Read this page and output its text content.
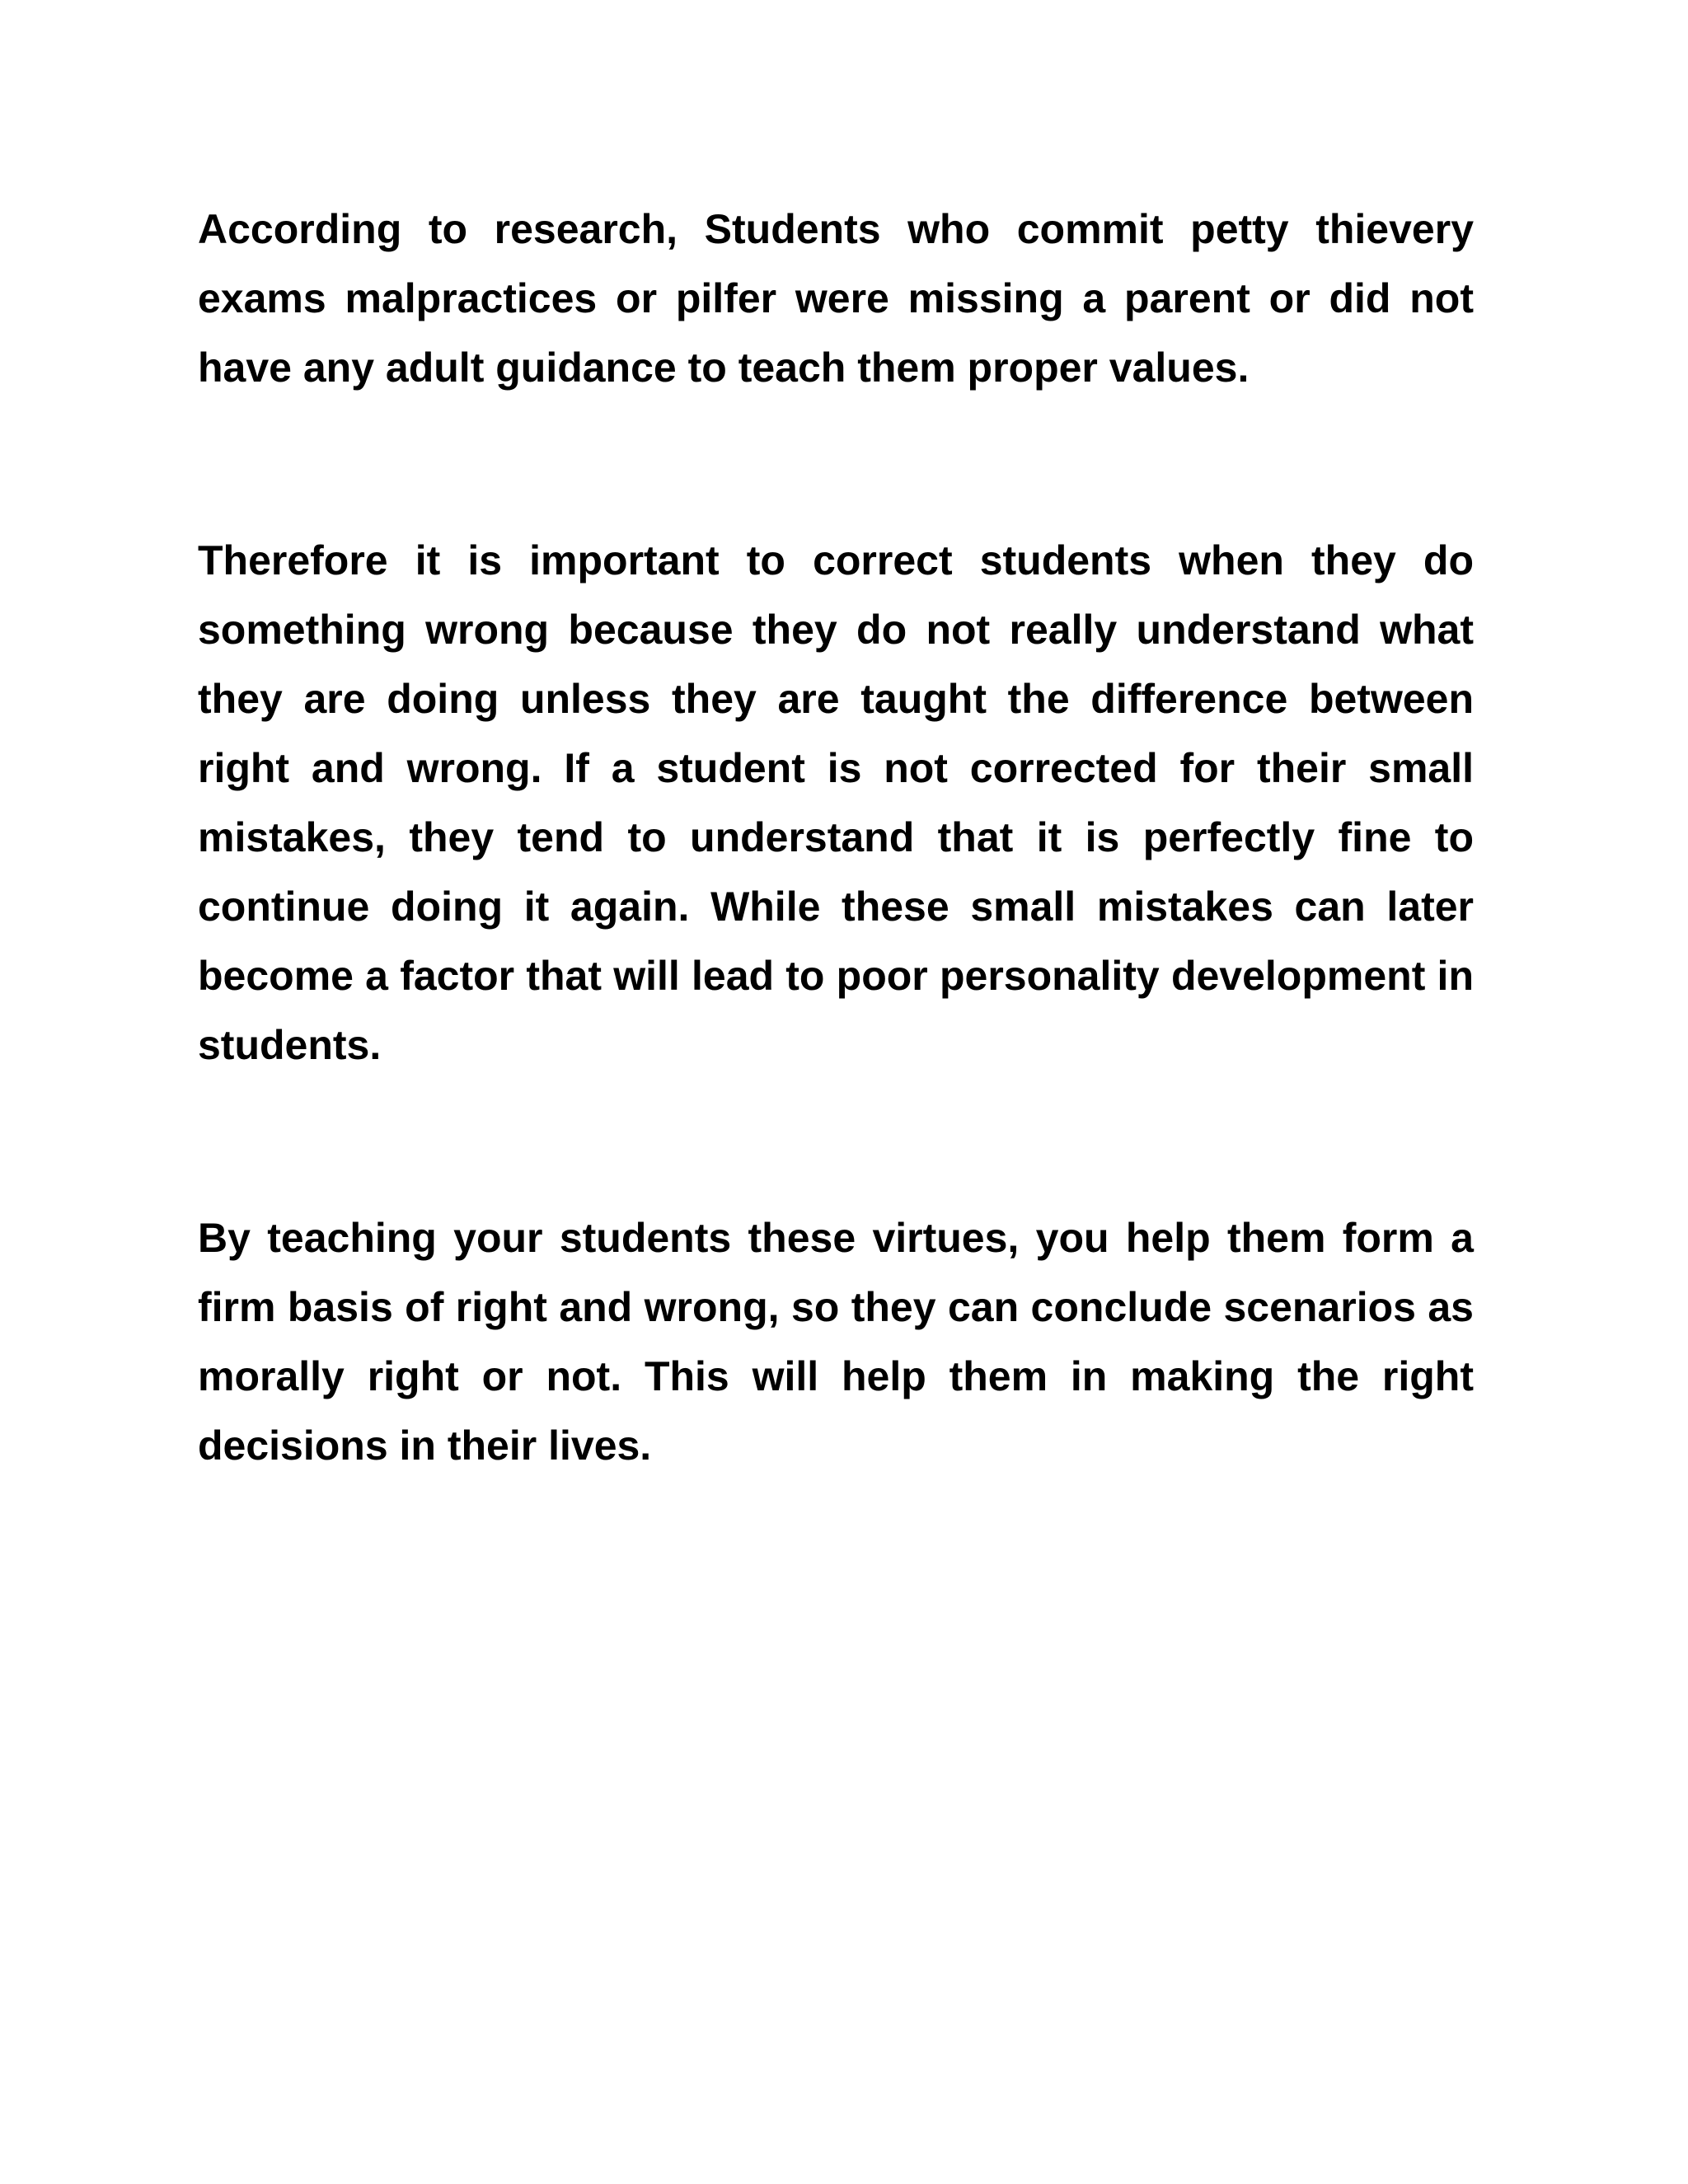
According to research, Students who commit petty thievery exams malpractices or pilfer were missing a parent or did not have any adult guidance to teach them proper values.

Therefore it is important to correct students when they do something wrong because they do not really understand what they are doing unless they are taught the difference between right and wrong. If a student is not corrected for their small mistakes, they tend to understand that it is perfectly fine to continue doing it again. While these small mistakes can later become a factor that will lead to poor personality development in students.

By teaching your students these virtues, you help them form a firm basis of right and wrong, so they can conclude scenarios as morally right or not. This will help them in making the right decisions in their lives.
